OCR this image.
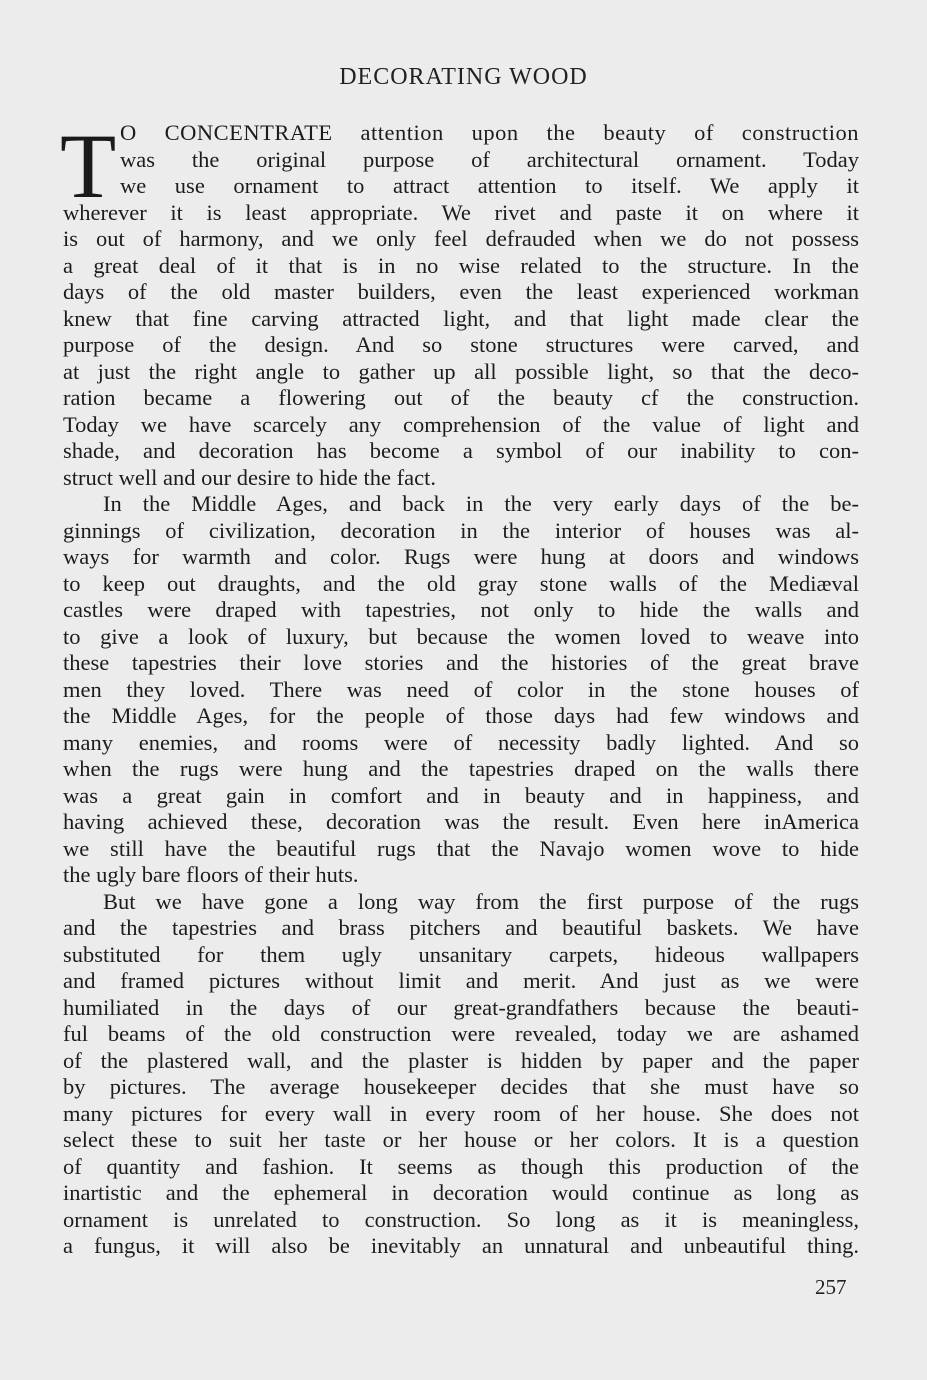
DECORATING WOOD
T O CONCENTRATE attention upon the beauty of construction
was the original purpose of architectural ornament. Today
we use ornament to attract attention to itself. We apply it
wherever it is least appropriate. We rivet and paste it on where it
is out of harmony, and we only feel defrauded when we do not possess
a great deal of it that is in no wise related to the structure. In the
days of the old master builders, even the least experienced workman
knew that fine carving attracted light, and that light made clear the
purpose of the design. And so stone structures were carved, and
at just the right angle to gather up all possible light, so that the deco-
ration became a flowering out of the beauty cf the construction.
Today we have scarcely any comprehension of the value of light and
shade, and decoration has become a symbol of our inability to con-
struct well and our desire to hide the fact.
In the Middle Ages, and back in the very early days of the be-
ginnings of civilization, decoration in the interior of houses was al-
ways for warmth and color. Rugs were hung at doors and windows
to keep out draughts, and the old gray stone walls of the Mediæval
castles were draped with tapestries, not only to hide the walls and
to give a look of luxury, but because the women loved to weave into
these tapestries their love stories and the histories of the great brave
men they loved. There was need of color in the stone houses of
the Middle Ages, for the people of those days had few windows and
many enemies, and rooms were of necessity badly lighted. And so
when the rugs were hung and the tapestries draped on the walls there
was a great gain in comfort and in beauty and in happiness, and
having achieved these, decoration was the result. Even here inAmerica
we still have the beautiful rugs that the Navajo women wove to hide
the ugly bare floors of their huts.
But we have gone a long way from the first purpose of the rugs
and the tapestries and brass pitchers and beautiful baskets. We have
substituted for them ugly unsanitary carpets, hideous wallpapers
and framed pictures without limit and merit. And just as we were
humiliated in the days of our great-grandfathers because the beauti-
ful beams of the old construction were revealed, today we are ashamed
of the plastered wall, and the plaster is hidden by paper and the paper
by pictures. The average housekeeper decides that she must have so
many pictures for every wall in every room of her house. She does not
select these to suit her taste or her house or her colors. It is a question
of quantity and fashion. It seems as though this production of the
inartistic and the ephemeral in decoration would continue as long as
ornament is unrelated to construction. So long as it is meaningless,
a fungus, it will also be inevitably an unnatural and unbeautiful thing.
257
